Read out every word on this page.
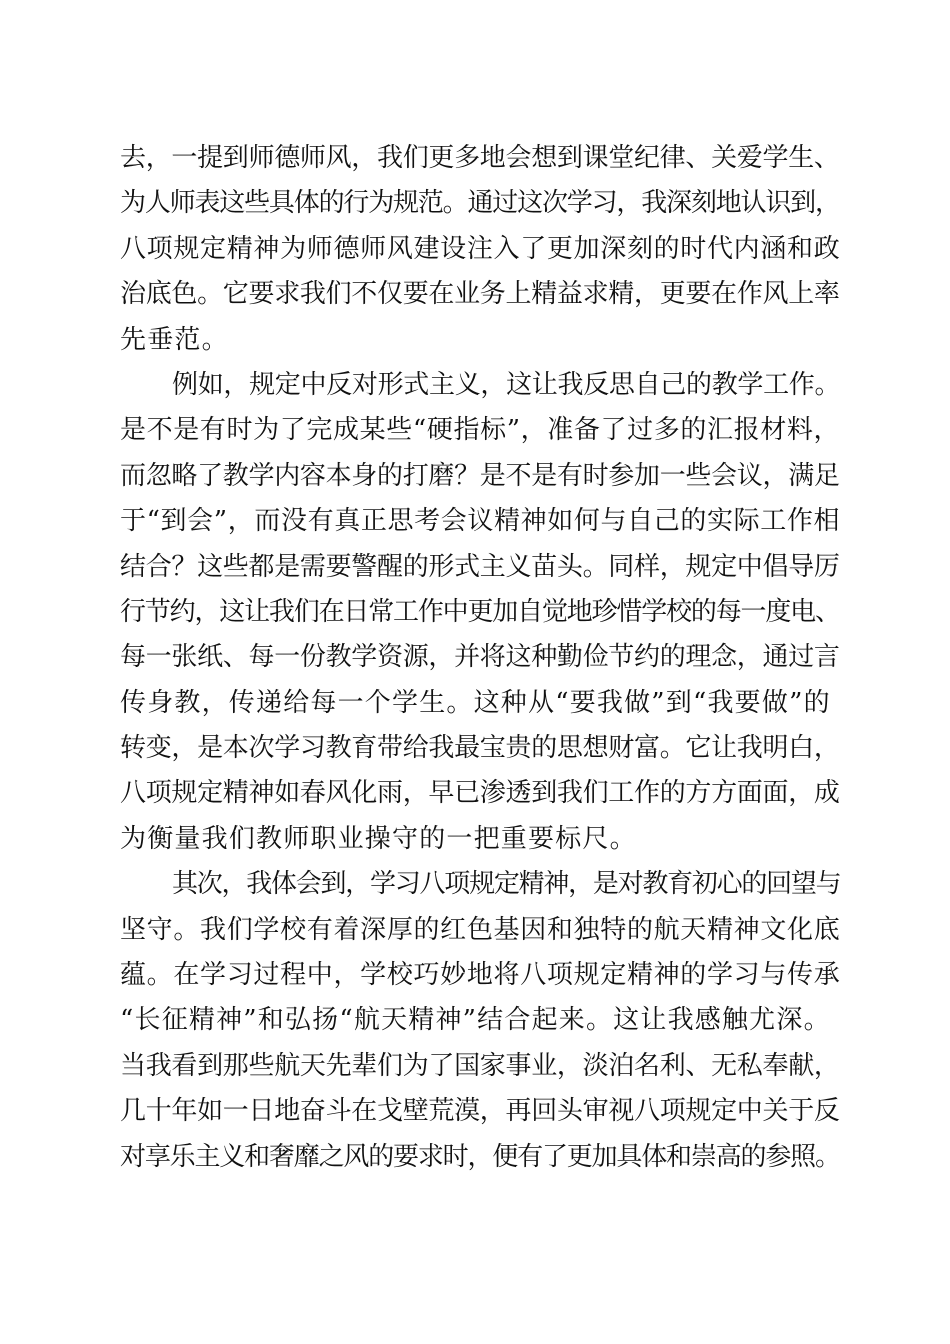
去，一提到师德师风，我们更多地会想到课堂纪律、关爱学生、
为人师表这些具体的行为规范。通过这次学习，我深刻地认识到，
八项规定精神为师德师风建设注入了更加深刻的时代内涵和政
治底色。它要求我们不仅要在业务上精益求精，更要在作风上率
先垂范。
例如，规定中反对形式主义，这让我反思自己的教学工作。
是不是有时为了完成某些“硬指标”，准备了过多的汇报材料，
而忽略了教学内容本身的打磨？是不是有时参加一些会议，满足
于“到会”，而没有真正思考会议精神如何与自己的实际工作相
结合？这些都是需要警醒的形式主义苗头。同样，规定中倡导厉
行节约，这让我们在日常工作中更加自觉地珍惜学校的每一度电、
每一张纸、每一份教学资源，并将这种勤俭节约的理念，通过言
传身教，传递给每一个学生。这种从“要我做”到“我要做”的
转变，是本次学习教育带给我最宝贵的思想财富。它让我明白，
八项规定精神如春风化雨，早已渗透到我们工作的方方面面，成
为衡量我们教师职业操守的一把重要标尺。
其次，我体会到，学习八项规定精神，是对教育初心的回望与
坚守。我们学校有着深厚的红色基因和独特的航天精神文化底
蕴。在学习过程中，学校巧妙地将八项规定精神的学习与传承
“长征精神”和弘扬“航天精神”结合起来。这让我感触尤深。
当我看到那些航天先辈们为了国家事业，淡泊名利、无私奉献，
几十年如一日地奋斗在戈壁荒漠，再回头审视八项规定中关于反
对享乐主义和奢靡之风的要求时，便有了更加具体和崇高的参照。
